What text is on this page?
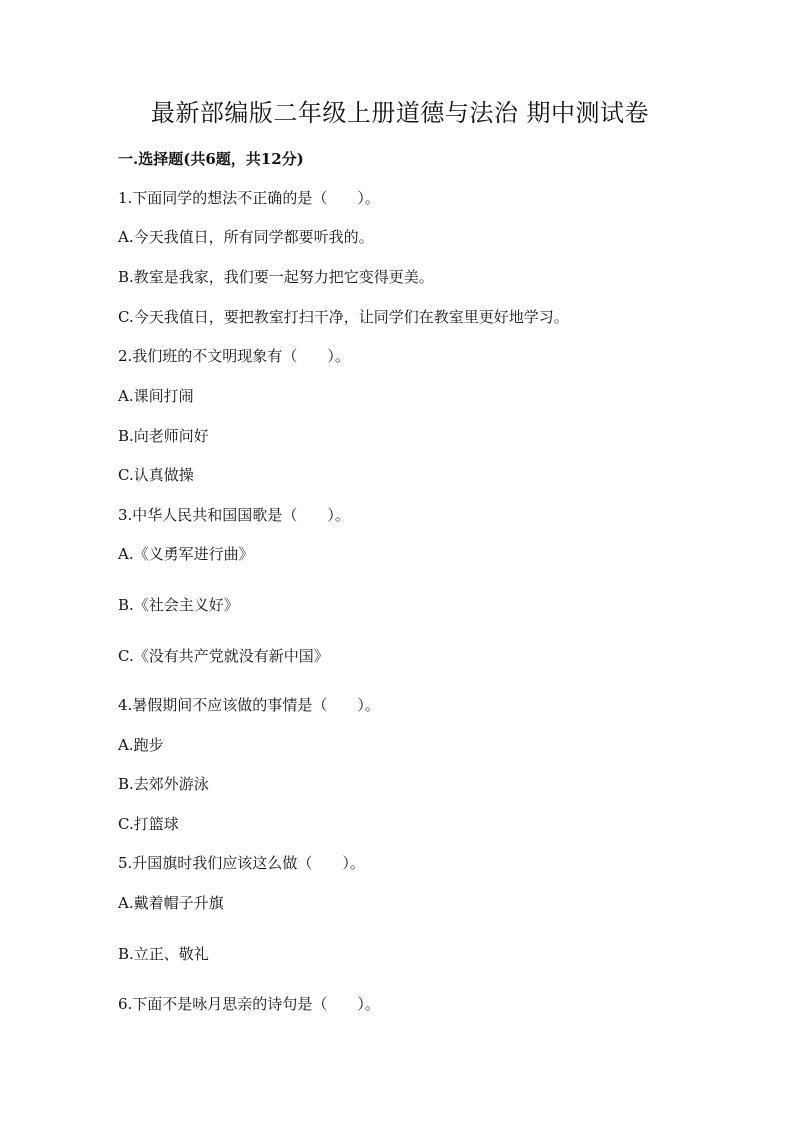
最新部编版二年级上册道德与法治 期中测试卷
一.选择题(共6题，共12分)

1.下面同学的想法不正确的是（　　）。

A.今天我值日，所有同学都要听我的。

B.教室是我家，我们要一起努力把它变得更美。

C.今天我值日，要把教室打扫干净，让同学们在教室里更好地学习。

2.我们班的不文明现象有（　　）。

A.课间打闹

B.向老师问好

C.认真做操

3.中华人民共和国国歌是（　　）。

A.《义勇军进行曲》

B.《社会主义好》

C.《没有共产党就没有新中国》

4.暑假期间不应该做的事情是（　　）。

A.跑步

B.去郊外游泳

C.打篮球

5.升国旗时我们应该这么做（　　）。

A.戴着帽子升旗

B.立正、敬礼

6.下面不是咏月思亲的诗句是（　　）。
